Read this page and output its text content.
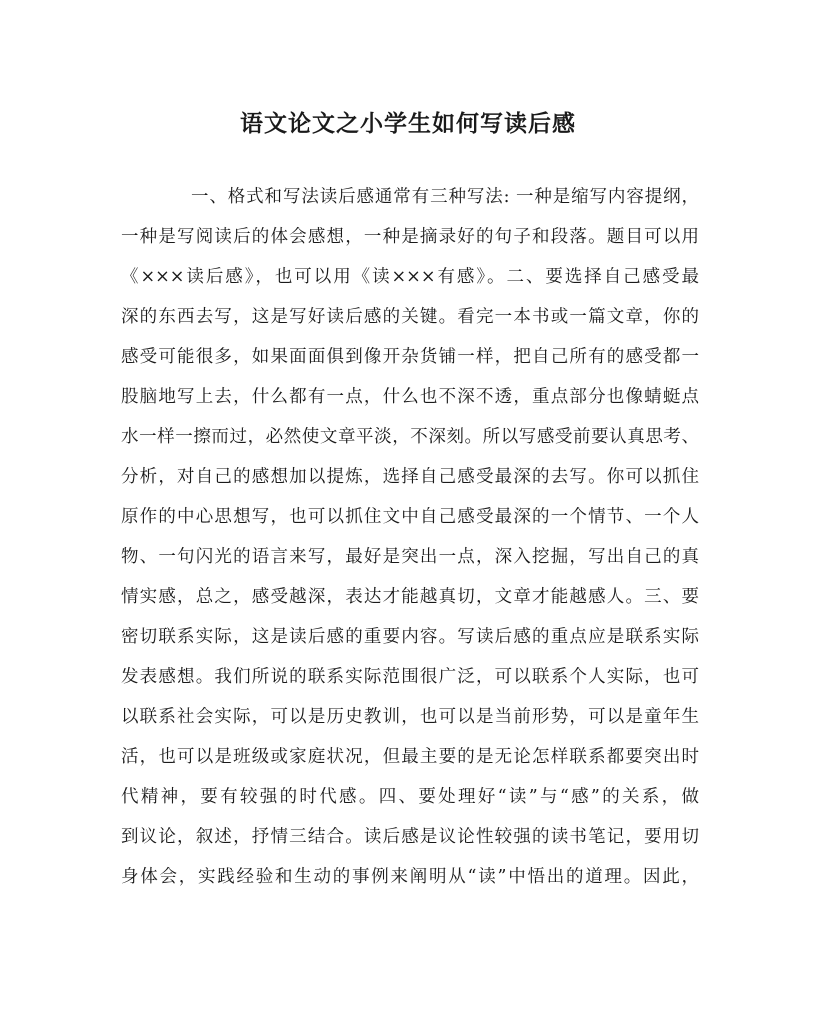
语文论文之小学生如何写读后感
一、格式和写法读后感通常有三种写法: 一种是缩写内容提纲，
一种是写阅读后的体会感想，一种是摘录好的句子和段落。题目可以用
《×××读后感》，也可以用《读×××有感》。二、要选择自己感受最
深的东西去写，这是写好读后感的关键。看完一本书或一篇文章，你的
感受可能很多，如果面面俱到像开杂货铺一样，把自己所有的感受都一
股脑地写上去，什么都有一点，什么也不深不透，重点部分也像蜻蜓点
水一样一擦而过，必然使文章平淡，不深刻。所以写感受前要认真思考、
分析，对自己的感想加以提炼，选择自己感受最深的去写。你可以抓住
原作的中心思想写，也可以抓住文中自己感受最深的一个情节、一个人
物、一句闪光的语言来写，最好是突出一点，深入挖掘，写出自己的真
情实感，总之，感受越深，表达才能越真切，文章才能越感人。三、要
密切联系实际，这是读后感的重要内容。写读后感的重点应是联系实际
发表感想。我们所说的联系实际范围很广泛，可以联系个人实际，也可
以联系社会实际，可以是历史教训，也可以是当前形势，可以是童年生
活，也可以是班级或家庭状况，但最主要的是无论怎样联系都要突出时
代精神，要有较强的时代感。四、要处理好“读”与“感”的关系，做
到议论，叙述，抒情三结合。读后感是议论性较强的读书笔记，要用切
身体会，实践经验和生动的事例来阐明从“读”中悟出的道理。因此，
